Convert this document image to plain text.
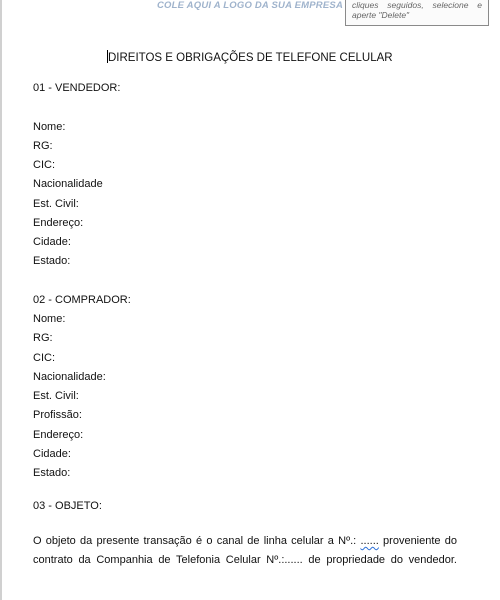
COLE AQUI A LOGO DA SUA EMPRESA cliques seguidos, selecione e
aperte "Delete"
DIREITOS E OBRIGAÇÕES DE TELEFONE CELULAR
01 - VENDEDOR:
Nome:
RG:
CIC:
Nacionalidade
Est. Civil:
Endereço:
Cidade:
Estado:
02 - COMPRADOR:
Nome:
RG:
CIC:
Nacionalidade:
Est. Civil:
Profissão:
Endereço:
Cidade:
Estado:
03 - OBJETO:
O objeto da presente transação é o canal de linha celular a Nº.: ...... proveniente do
contrato da Companhia de Telefonia Celular Nº.:...... de propriedade do vendedor.
